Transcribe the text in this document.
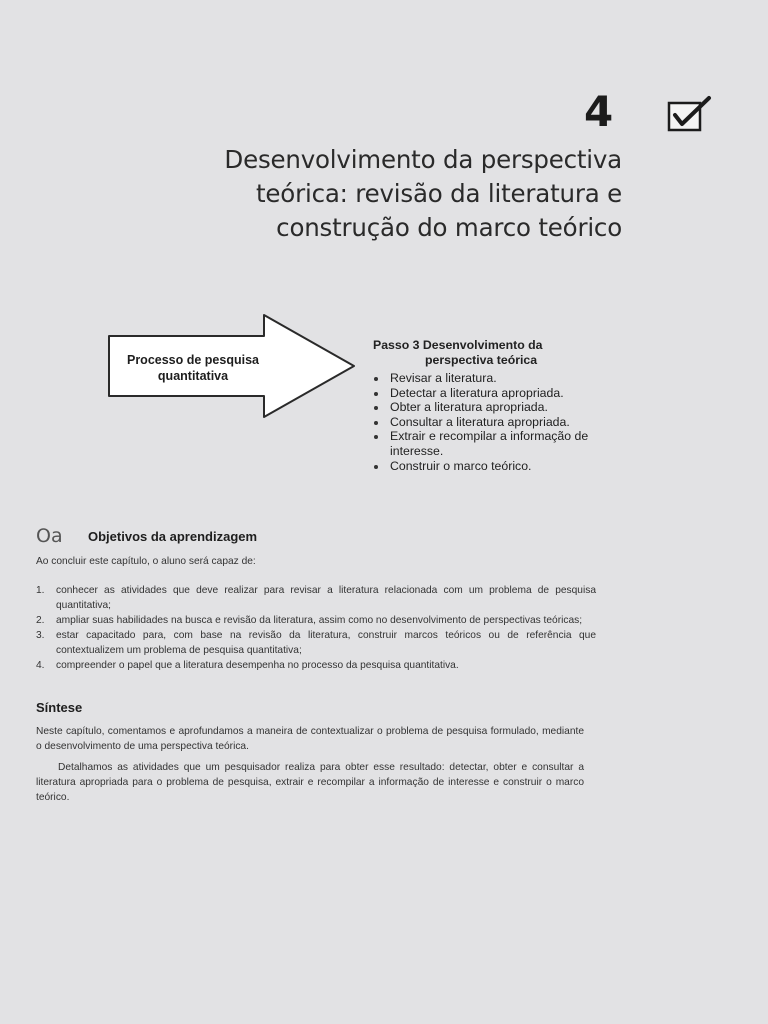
4
Desenvolvimento da perspectiva
teórica: revisão da literatura e
construção do marco teórico
Processo de pesquisa quantitativa
Passo 3 Desenvolvimento da
perspectiva teórica
Revisar a literatura.
Detectar a literatura apropriada.
Obter a literatura apropriada.
Consultar a literatura apropriada.
Extrair e recompilar a informação de interesse.
Construir o marco teórico.
Oa Objetivos da aprendizagem
Ao concluir este capítulo, o aluno será capaz de:
1. conhecer as atividades que deve realizar para revisar a literatura relacionada com um problema de pesquisa quantitativa;
2. ampliar suas habilidades na busca e revisão da literatura, assim como no desenvolvimento de perspectivas teóricas;
3. estar capacitado para, com base na revisão da literatura, construir marcos teóricos ou de referência que contextualizem um problema de pesquisa quantitativa;
4. compreender o papel que a literatura desempenha no processo da pesquisa quantitativa.
Síntese

Neste capítulo, comentamos e aprofundamos a maneira de contextualizar o problema de pesquisa formulado, mediante o desenvolvimento de uma perspectiva teórica.

Detalhamos as atividades que um pesquisador realiza para obter esse resultado: detectar, obter e consultar a literatura apropriada para o problema de pesquisa, extrair e recompilar a informação de interesse e construir o marco teórico.
